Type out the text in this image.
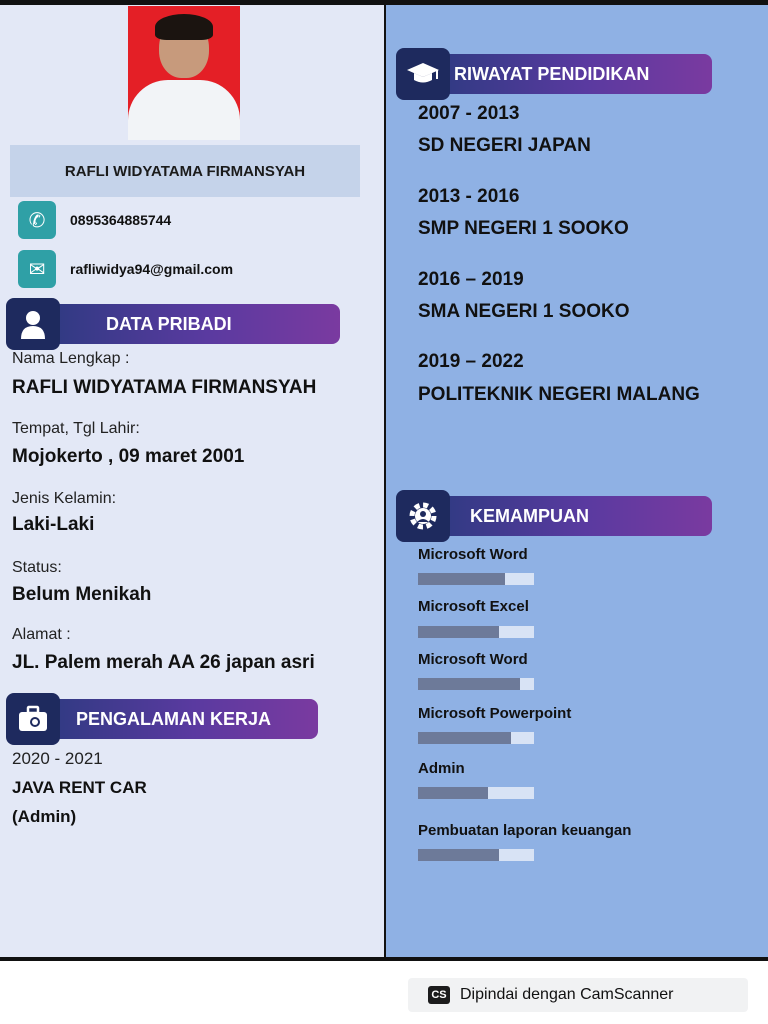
RAFLI WIDYATAMA FIRMANSYAH
✆	0895364885744
✉	rafliwidya94@gmail.com
DATA PRIBADI
Nama Lengkap :
RAFLI WIDYATAMA FIRMANSYAH
Tempat, Tgl Lahir:
Mojokerto , 09 maret 2001
Jenis Kelamin:
Laki-Laki
Status:
Belum Menikah
Alamat :
JL. Palem merah AA 26 japan asri
PENGALAMAN KERJA
2020 - 2021
JAVA RENT CAR
(Admin)
RIWAYAT PENDIDIKAN
2007 - 2013
SD NEGERI JAPAN
2013 - 2016
SMP NEGERI 1 SOOKO
2016 – 2019
SMA NEGERI 1 SOOKO
2019 – 2022
POLITEKNIK NEGERI MALANG
KEMAMPUAN
Microsoft Word
Microsoft Excel
Microsoft Word
Microsoft Powerpoint
Admin
Pembuatan laporan keuangan
CS Dipindai dengan CamScanner
